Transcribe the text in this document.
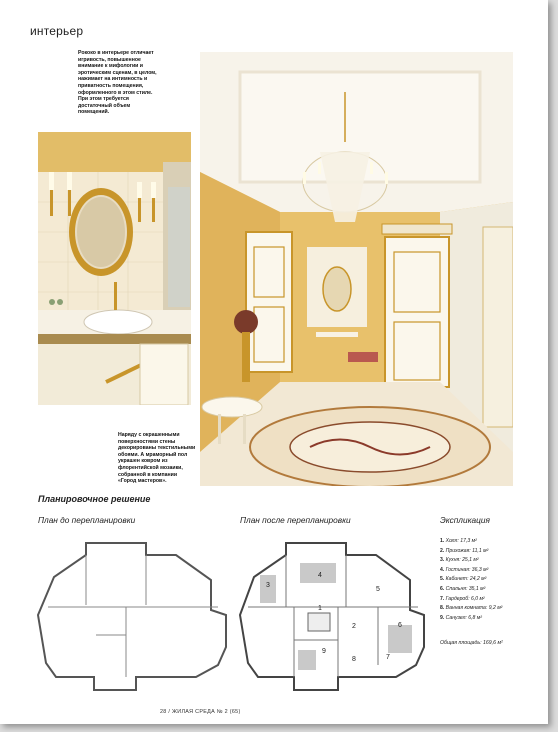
интерьер
Рококо в интерьере отличает игривость, повышенное внимание к мифологии и эротическим сценам, в целом, нажимает на интимность и приватность помещения, оформленного в этом стиле. При этом требуется достаточный объем помещений.
Наряду с окрашенными поверхностями стены декорированы текстильными обоями. А мраморный пол украшен ковром из флорентийской мозаики, собранной в компании «Город мастеров».
Планировочное решение
План до перепланировки	План после перепланировки	Экспликация
1
2
3
4
5
6
7
8
9
1. Холл: 17,3 м²
2. Прихожая: 11,1 м²
3. Кухня: 25,1 м²
4. Гостиная: 36,3 м²
5. Кабинет: 24,2 м²
6. Спальня: 35,1 м²
7. Гардероб: 6,0 м²
8. Ванная комната: 9,2 м²
9. Санузел: 6,8 м²
Общая площадь: 169,6 м²
28 / ЖИЛАЯ СРЕДА № 2 (65)
